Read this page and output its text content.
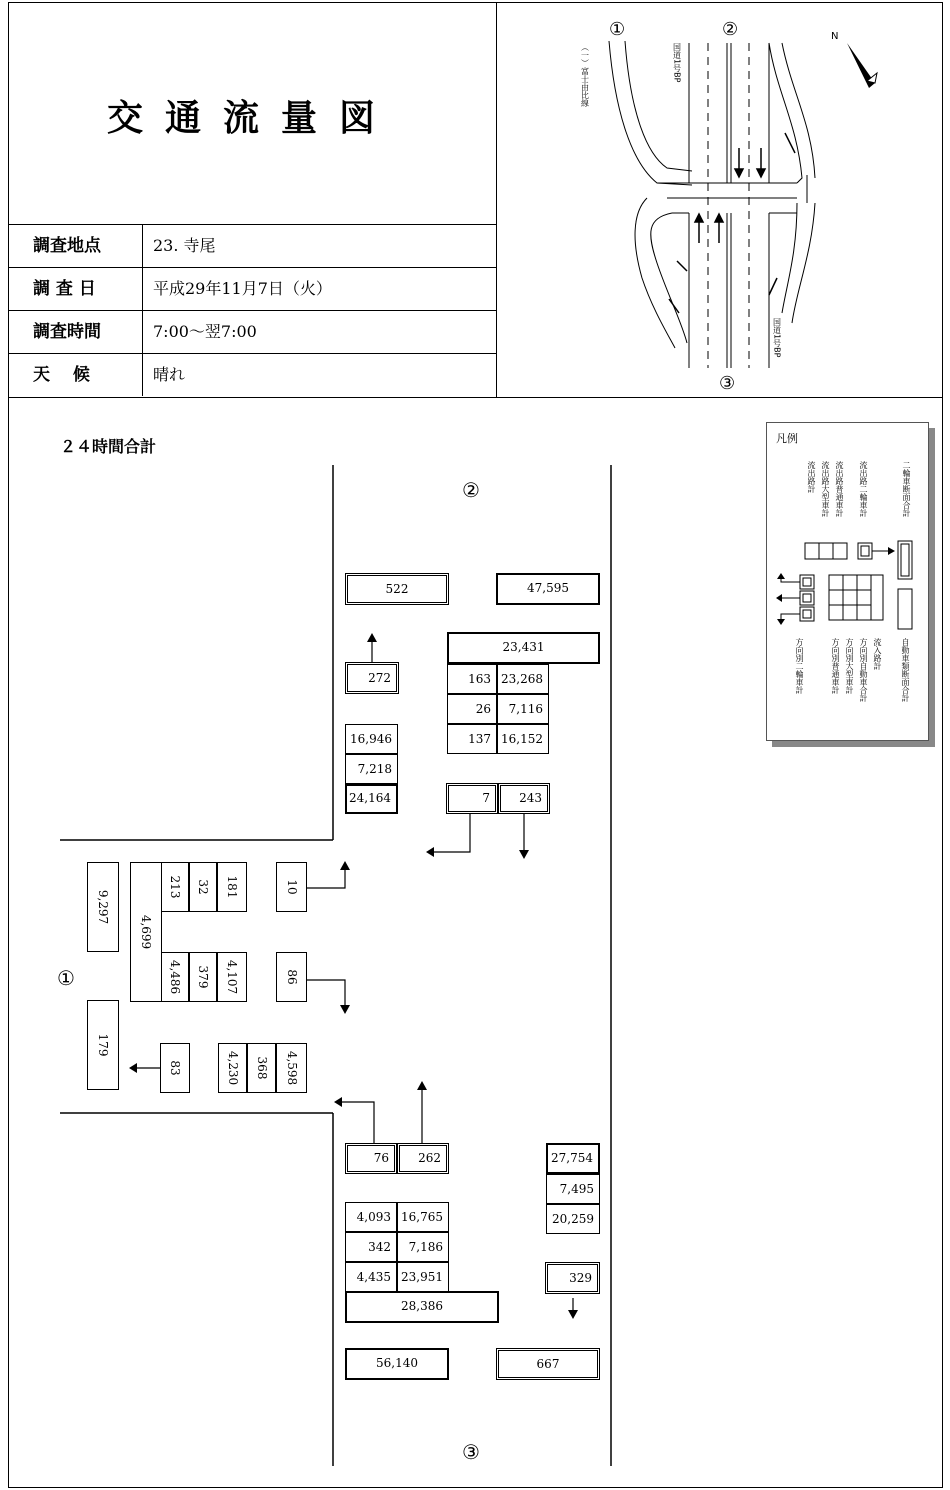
交通流量図
調査地点	23. 寺尾
調 査 日	平成29年11月7日（火）
調査時間	7:00～翌7:00
天　 候	晴れ
①	②
③
（一）富士由比線	国道1号BP
国道1号BP
N
２４時間合計
②
①
③
522	47,595
23,431
163 23,268
26	7,116
137 16,152
272
16,946
7,218
24,164	7	243
9,297
4,699
213 32 181
4,486 379 4,107
10
86
179
83	4,230 368 4,598
76	262	27,754
7,495
20,259
329
4,093 16,765
342	7,186
4,435 23,951
28,386
56,140	667
凡例
流出路計 流出路大型車計 流出路普通車計 流出路二輪車計	二輪車断面合計
方向別二輪車計	方向別普通車計 方向別大型車計 方向別自動車合計 流入路計 自動車類断面合計
